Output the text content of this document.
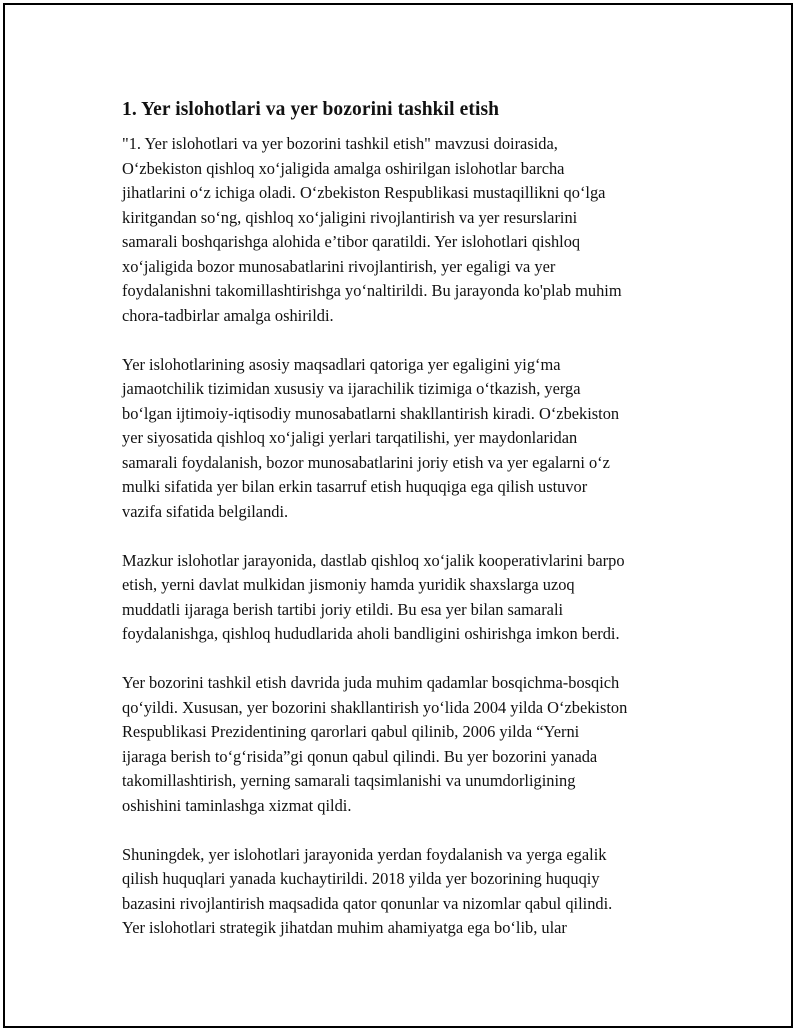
1. Yer islohotlari va yer bozorini tashkil etish

"1. Yer islohotlari va yer bozorini tashkil etish" mavzusi doirasida,
O‘zbekiston qishloq xo‘jaligida amalga oshirilgan islohotlar barcha
jihatlarini o‘z ichiga oladi. O‘zbekiston Respublikasi mustaqillikni qo‘lga
kiritgandan so‘ng, qishloq xo‘jaligini rivojlantirish va yer resurslarini
samarali boshqarishga alohida e’tibor qaratildi. Yer islohotlari qishloq
xo‘jaligida bozor munosabatlarini rivojlantirish, yer egaligi va yer
foydalanishni takomillashtirishga yo‘naltirildi. Bu jarayonda ko'plab muhim
chora-tadbirlar amalga oshirildi.

Yer islohotlarining asosiy maqsadlari qatoriga yer egaligini yig‘ma
jamaotchilik tizimidan xususiy va ijarachilik tizimiga o‘tkazish, yerga
bo‘lgan ijtimoiy-iqtisodiy munosabatlarni shakllantirish kiradi. O‘zbekiston
yer siyosatida qishloq xo‘jaligi yerlari tarqatilishi, yer maydonlaridan
samarali foydalanish, bozor munosabatlarini joriy etish va yer egalarni o‘z
mulki sifatida yer bilan erkin tasarruf etish huquqiga ega qilish ustuvor
vazifa sifatida belgilandi.

Mazkur islohotlar jarayonida, dastlab qishloq xo‘jalik kooperativlarini barpo
etish, yerni davlat mulkidan jismoniy hamda yuridik shaxslarga uzoq
muddatli ijaraga berish tartibi joriy etildi. Bu esa yer bilan samarali
foydalanishga, qishloq hududlarida aholi bandligini oshirishga imkon berdi.

Yer bozorini tashkil etish davrida juda muhim qadamlar bosqichma-bosqich
qo‘yildi. Xususan, yer bozorini shakllantirish yo‘lida 2004 yilda O‘zbekiston
Respublikasi Prezidentining qarorlari qabul qilinib, 2006 yilda “Yerni
ijaraga berish to‘g‘risida”gi qonun qabul qilindi. Bu yer bozorini yanada
takomillashtirish, yerning samarali taqsimlanishi va unumdorligining
oshishini taminlashga xizmat qildi.

Shuningdek, yer islohotlari jarayonida yerdan foydalanish va yerga egalik
qilish huquqlari yanada kuchaytirildi. 2018 yilda yer bozorining huquqiy
bazasini rivojlantirish maqsadida qator qonunlar va nizomlar qabul qilindi.
Yer islohotlari strategik jihatdan muhim ahamiyatga ega bo‘lib, ular
